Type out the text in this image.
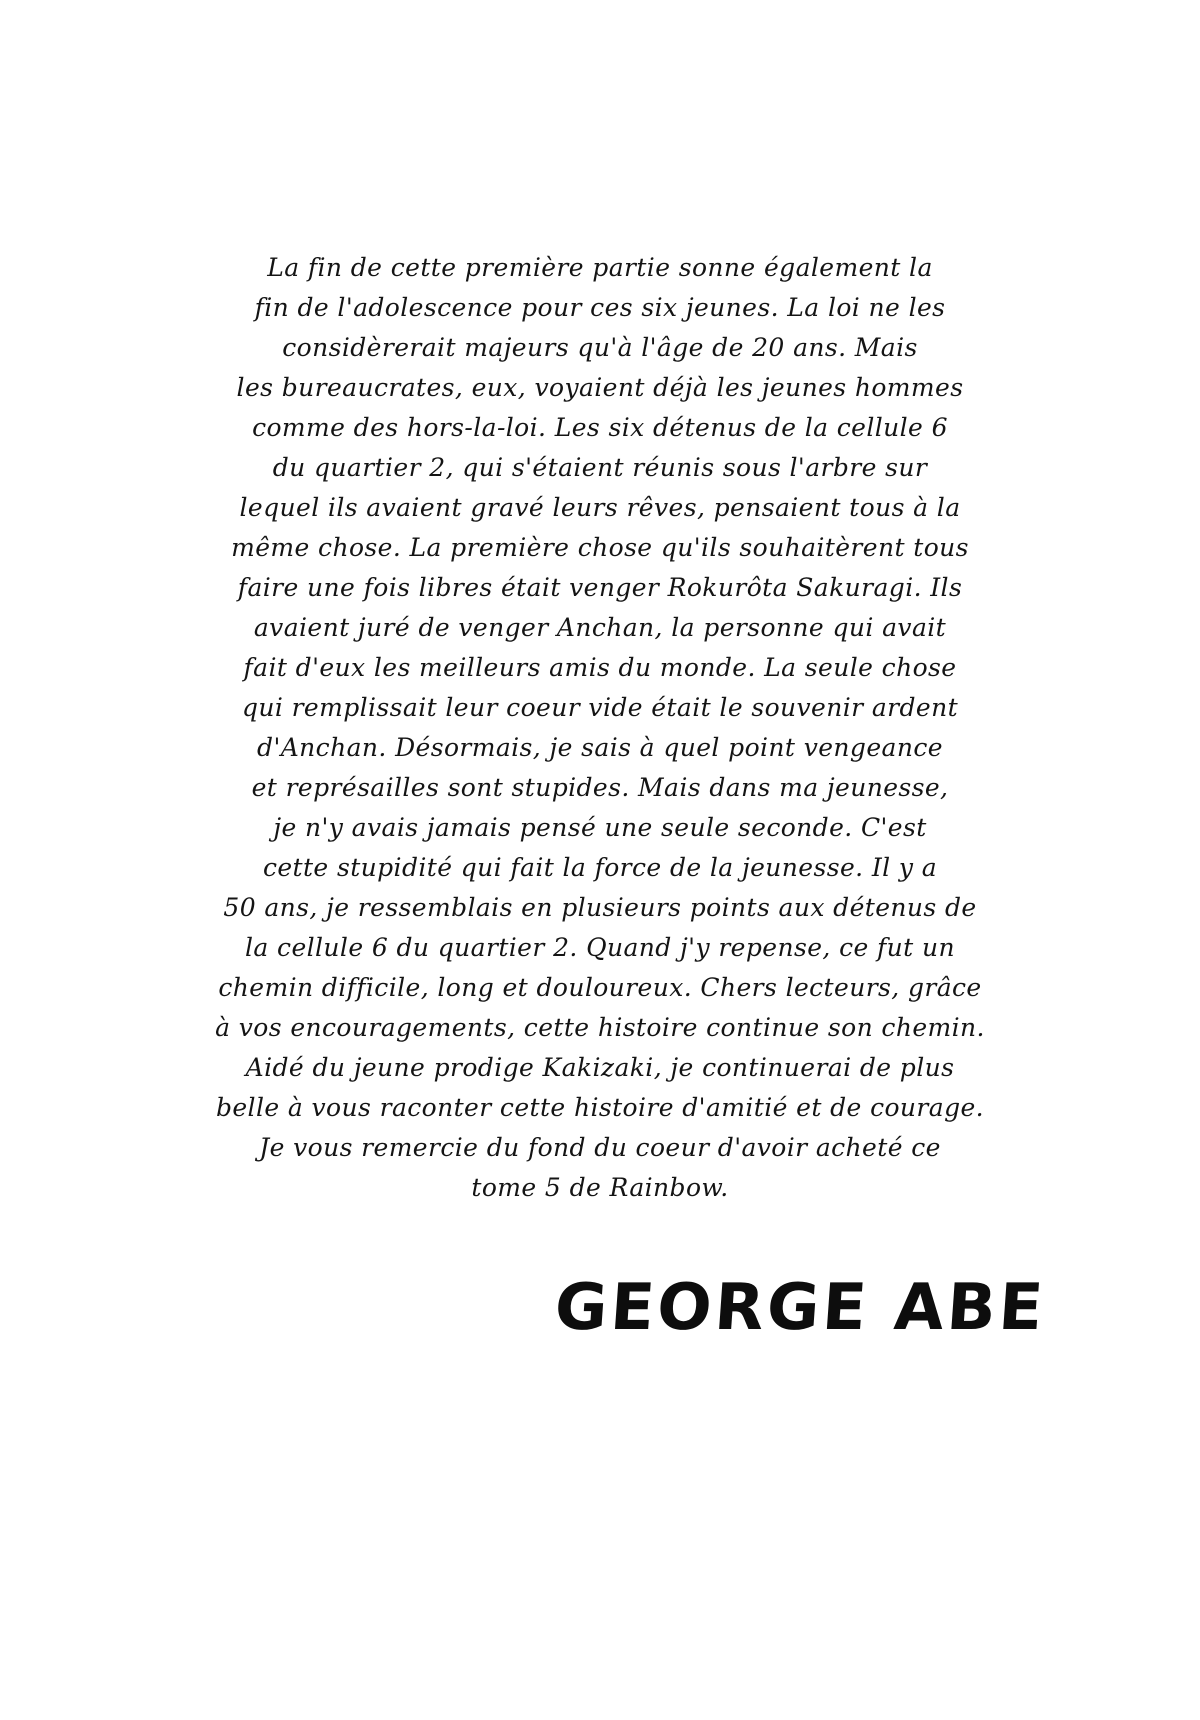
La fin de cette première partie sonne également la
fin de l'adolescence pour ces six jeunes. La loi ne les
considèrerait majeurs qu'à l'âge de 20 ans. Mais
les bureaucrates, eux, voyaient déjà les jeunes hommes
comme des hors-la-loi. Les six détenus de la cellule 6
du quartier 2, qui s'étaient réunis sous l'arbre sur
lequel ils avaient gravé leurs rêves, pensaient tous à la
même chose. La première chose qu'ils souhaitèrent tous
faire une fois libres était venger Rokurôta Sakuragi. Ils
avaient juré de venger Anchan, la personne qui avait
fait d'eux les meilleurs amis du monde. La seule chose
qui remplissait leur coeur vide était le souvenir ardent
d'Anchan. Désormais, je sais à quel point vengeance
et représailles sont stupides. Mais dans ma jeunesse,
je n'y avais jamais pensé une seule seconde. C'est
cette stupidité qui fait la force de la jeunesse. Il y a
50 ans, je ressemblais en plusieurs points aux détenus de
la cellule 6 du quartier 2. Quand j'y repense, ce fut un
chemin difficile, long et douloureux. Chers lecteurs, grâce
à vos encouragements, cette histoire continue son chemin.
Aidé du jeune prodige Kakizaki, je continuerai de plus
belle à vous raconter cette histoire d'amitié et de courage.
Je vous remercie du fond du coeur d'avoir acheté ce
tome 5 de Rainbow.
GEORGE ABE
